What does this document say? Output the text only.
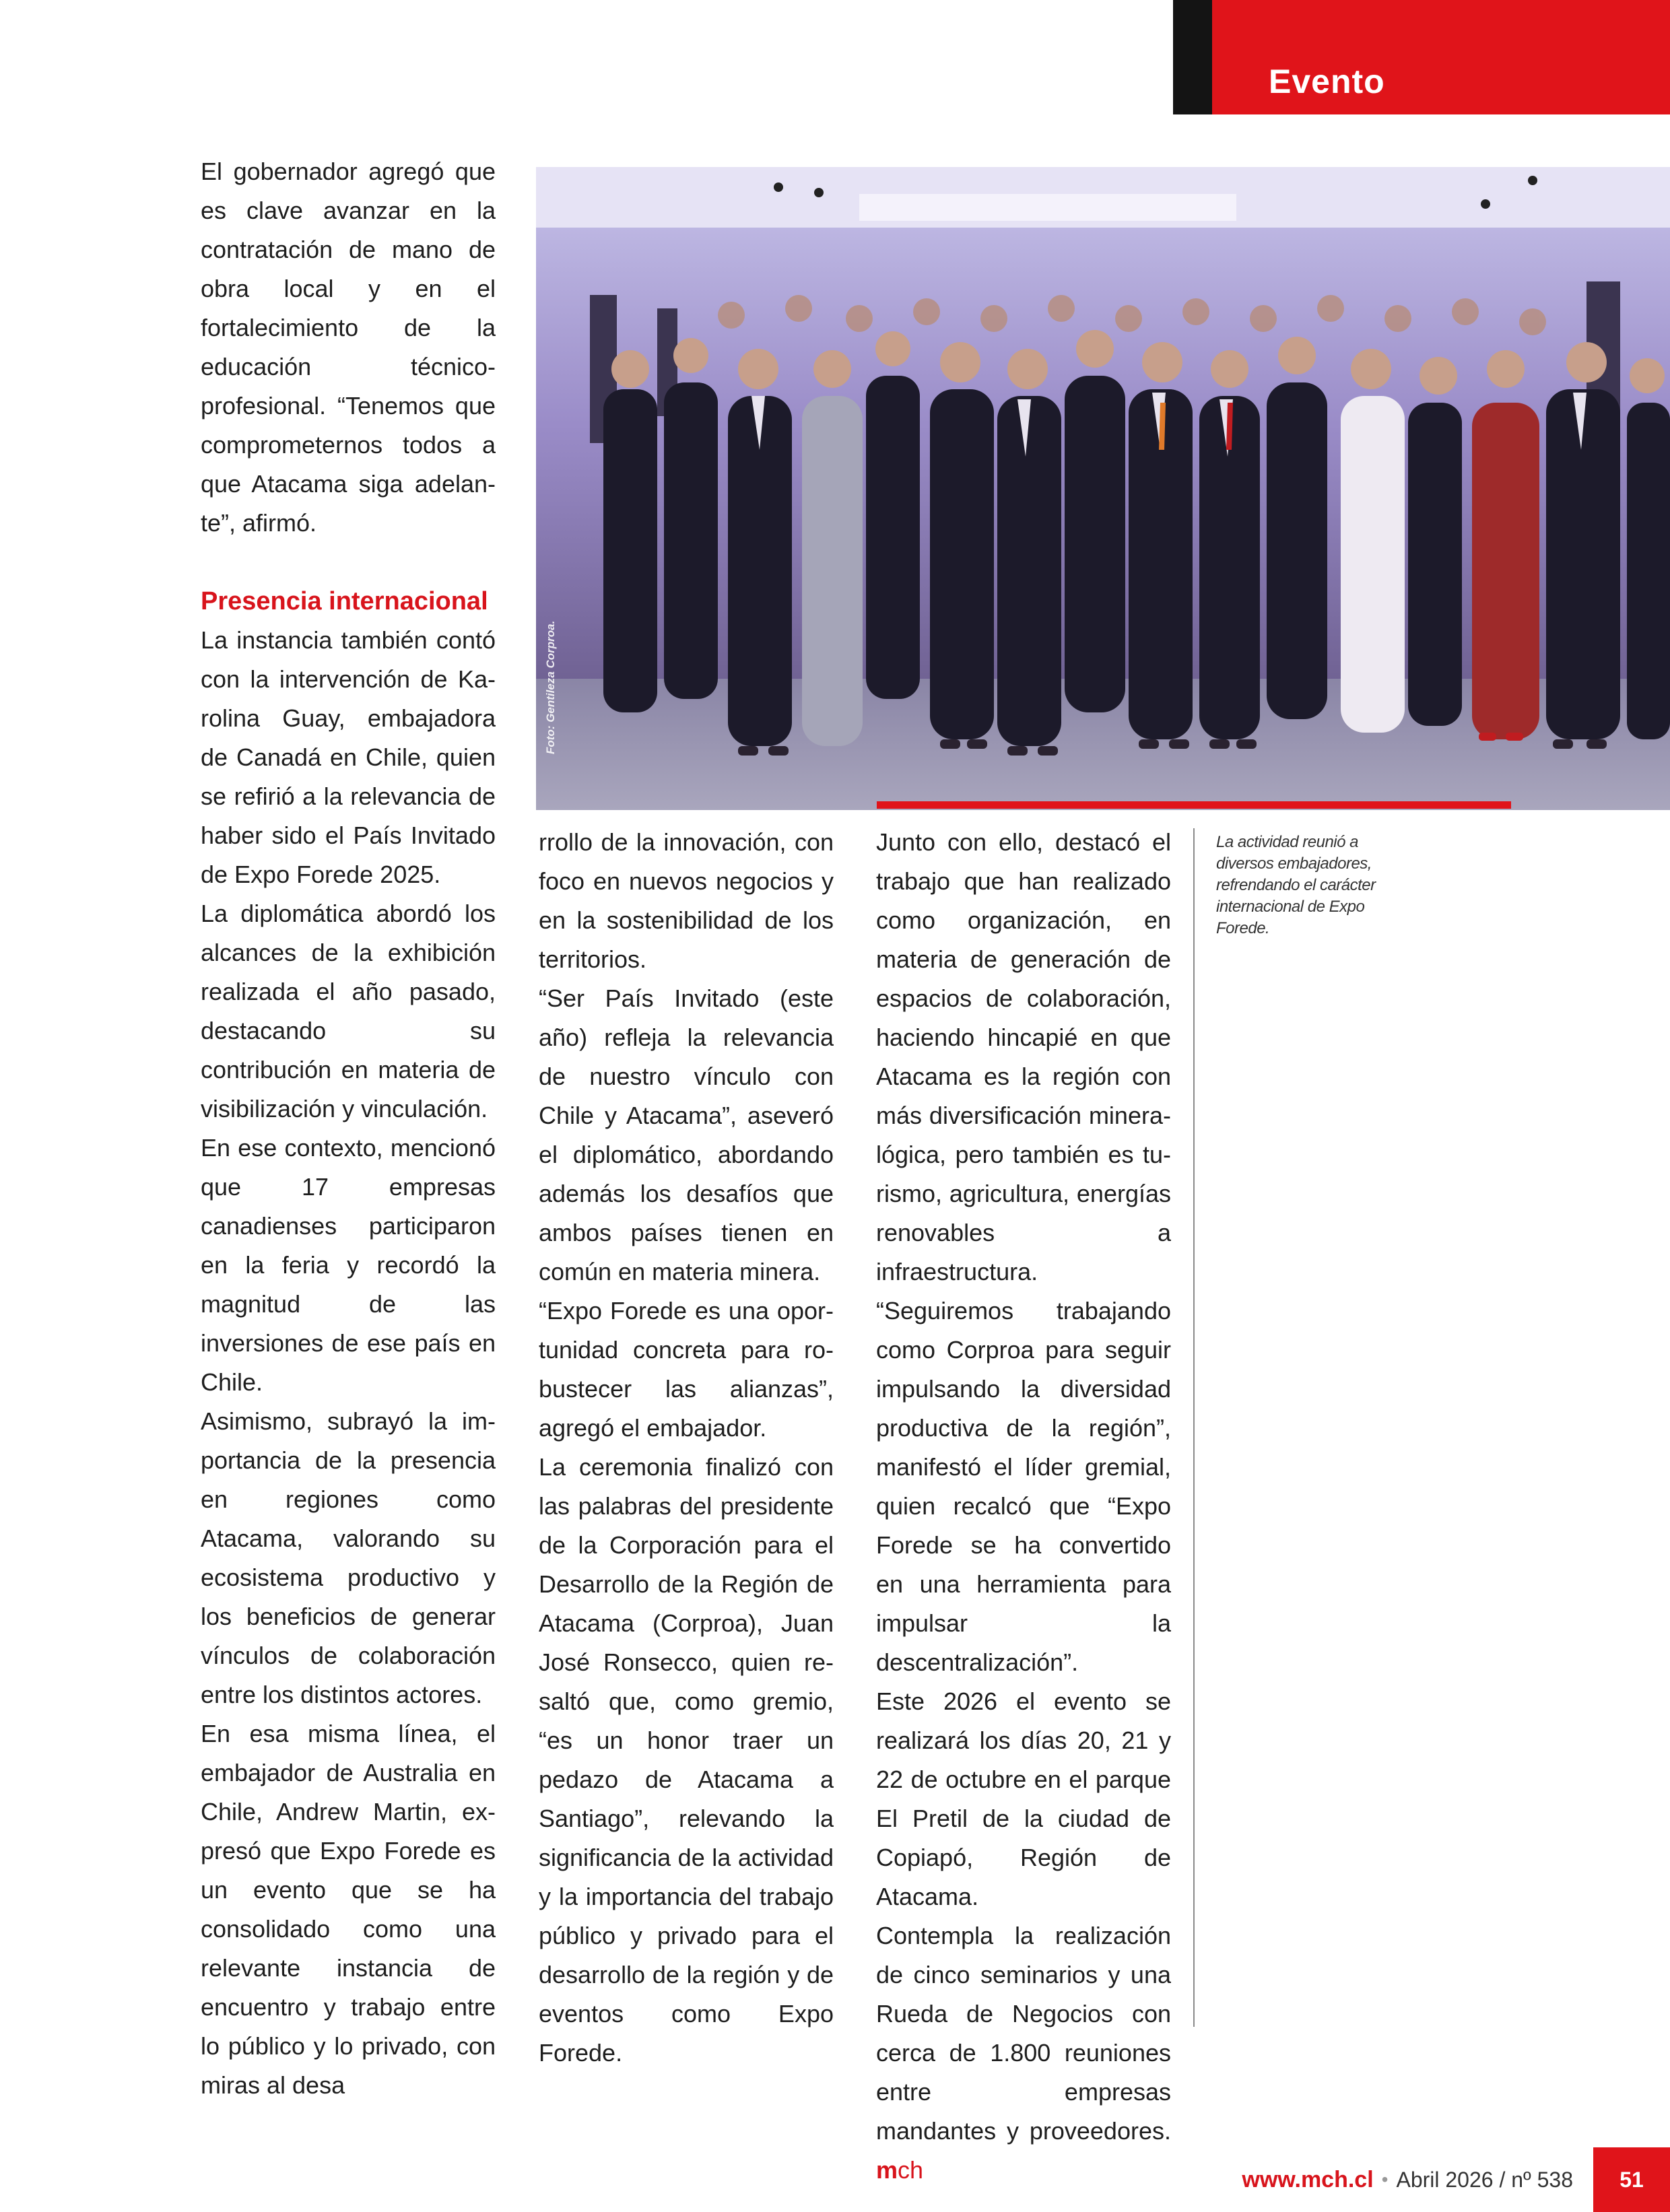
Evento

El gobernador agregó que es clave avanzar en la contratación de mano de obra local y en el fortalecimiento de la educación técnico-profesional. “Tenemos que comprometernos todos a que Atacama siga adelante”, afirmó.

Presencia internacional

La instancia también contó con la intervención de Karolina Guay, embajadora de Canadá en Chile, quien se refirió a la relevancia de haber sido el País Invitado de Expo Forede 2025.

La diplomática abordó los alcances de la exhibición realizada el año pasado, destacando su contribución en materia de visibilización y vinculación.

En ese contexto, mencionó que 17 empresas canadienses participaron en la feria y recordó la magnitud de las inversiones de ese país en Chile.

Asimismo, subrayó la importancia de la presencia en regiones como Atacama, valorando su ecosistema productivo y los beneficios de generar vínculos de colaboración entre los distintos actores.

En esa misma línea, el embajador de Australia en Chile, Andrew Martin, expresó que Expo Forede es un evento que se ha consolidado como una relevante instancia de encuentro y trabajo entre lo público y lo privado, con miras al desa

Foto: Gentileza Corproa.

rrollo de la innovación, con foco en nuevos negocios y en la sostenibilidad de los territorios.

“Ser País Invitado (este año) refleja la relevancia de nuestro vínculo con Chile y Atacama”, aseveró el diplomático, abordando además los desafíos que ambos países tienen en común en materia minera.

“Expo Forede es una oportunidad concreta para robustecer las alianzas”, agregó el embajador.

La ceremonia finalizó con las palabras del presidente de la Corporación para el Desarrollo de la Región de Atacama (Corproa), Juan José Ronsecco, quien resaltó que, como gremio, “es un honor traer un pedazo de Atacama a Santiago”, relevando la significancia de la actividad y la importancia del trabajo público y privado para el desarrollo de la región y de eventos como Expo Forede.

Junto con ello, destacó el trabajo que han realizado como organización, en materia de generación de espacios de colaboración, haciendo hincapié en que Atacama es la región con más diversificación mineralógica, pero también es turismo, agricultura, energías renovables a infraestructura.

“Seguiremos trabajando como Corproa para seguir impulsando la diversidad productiva de la región”, manifestó el líder gremial, quien recalcó que “Expo Forede se ha convertido en una herramienta para impulsar la descentralización”.

Este 2026 el evento se realizará los días 20, 21 y 22 de octubre en el parque El Pretil de la ciudad de Copiapó, Región de Atacama.

Contempla la realización de cinco seminarios y una Rueda de Negocios con cerca de 1.800 reuniones entre empresas mandantes y proveedores. mch

La actividad reunió a diversos embajadores, refrendando el carácter internacional de Expo Forede.
www.mch.cl • Abril 2026 / nº 538	51
